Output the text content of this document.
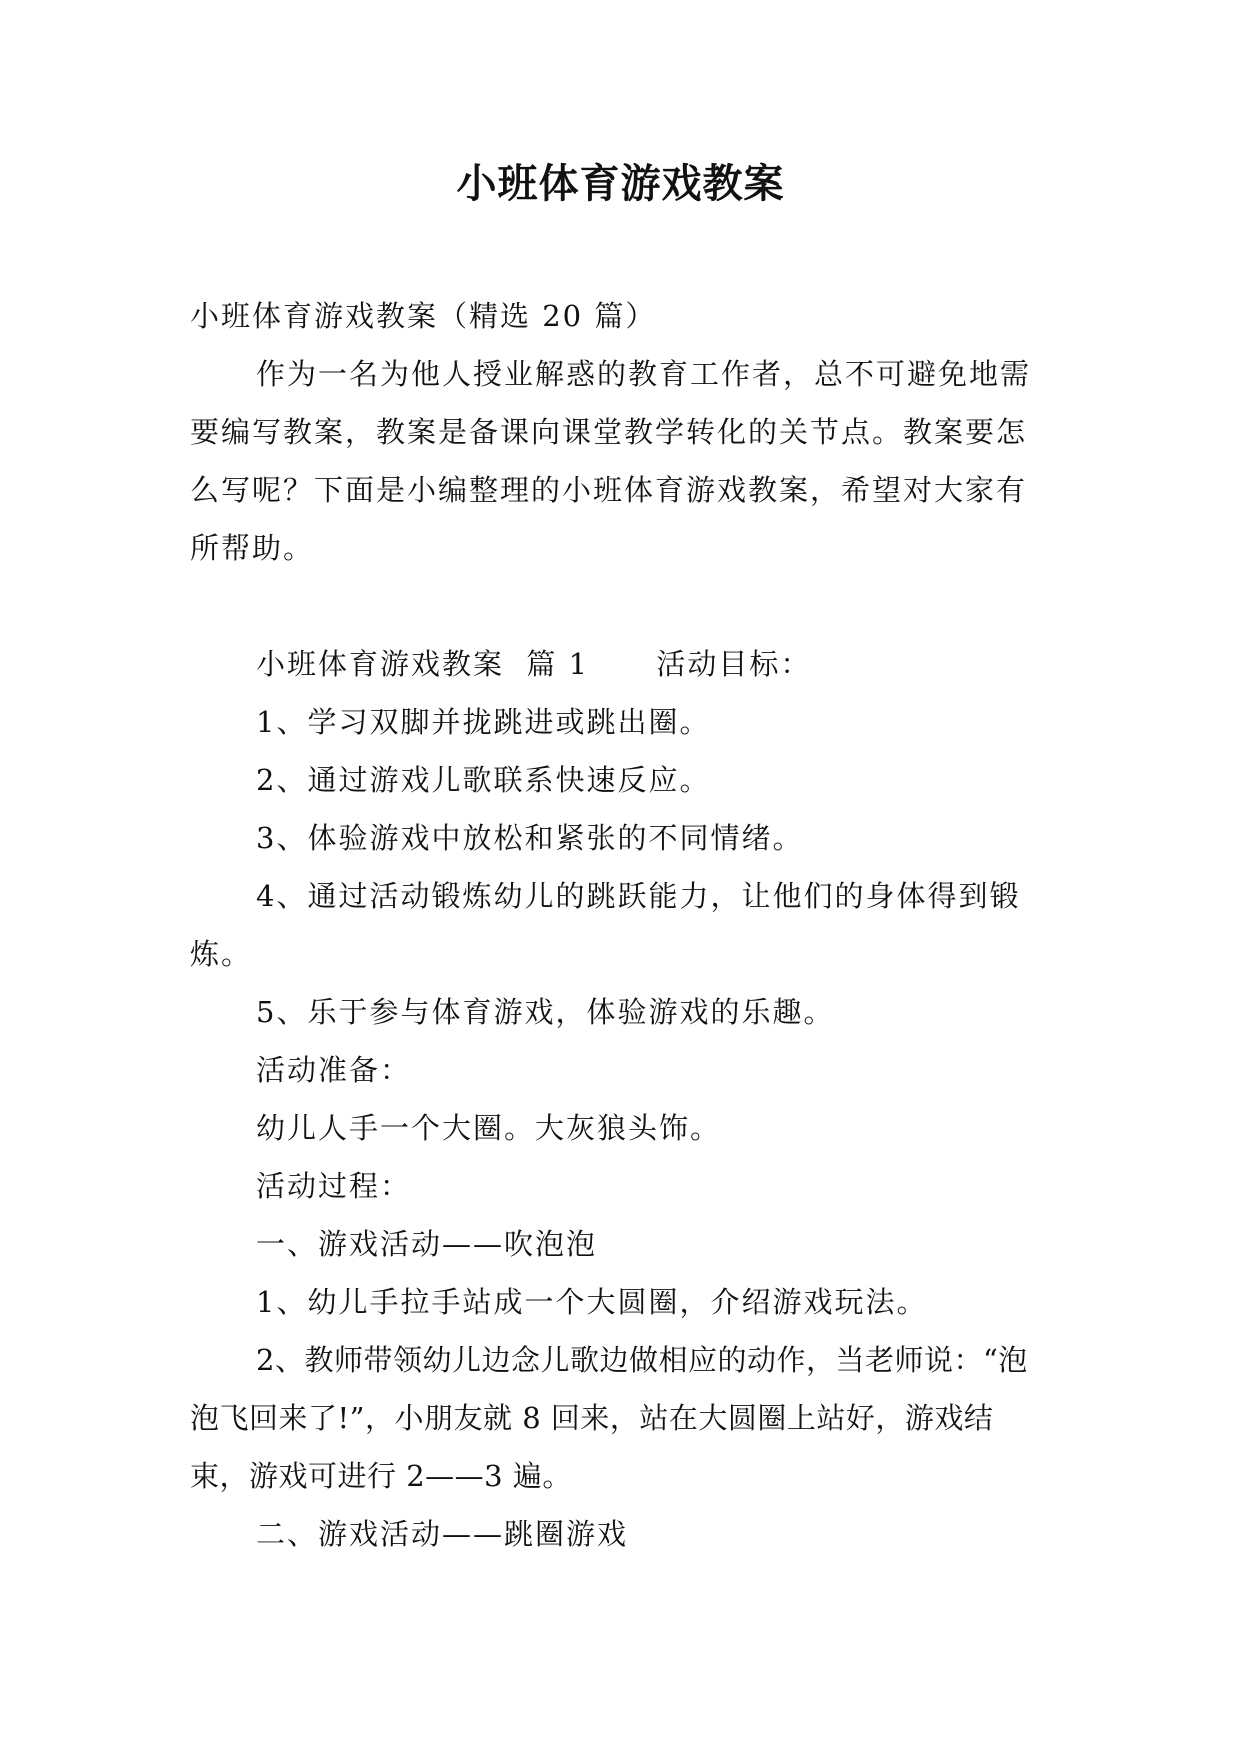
小班体育游戏教案

小班体育游戏教案（精选 20 篇）

作为一名为他人授业解惑的教育工作者，总不可避免地需要编写教案，教案是备课向课堂教学转化的关节点。教案要怎么写呢？下面是小编整理的小班体育游戏教案，希望对大家有所帮助。

小班体育游戏教案  篇 1      活动目标：

1、学习双脚并拢跳进或跳出圈。

2、通过游戏儿歌联系快速反应。

3、体验游戏中放松和紧张的不同情绪。

4、通过活动锻炼幼儿的跳跃能力，让他们的身体得到锻炼。

5、乐于参与体育游戏，体验游戏的乐趣。

活动准备：

幼儿人手一个大圈。大灰狼头饰。

活动过程：

一、游戏活动——吹泡泡

1、幼儿手拉手站成一个大圆圈，介绍游戏玩法。

2、教师带领幼儿边念儿歌边做相应的动作，当老师说：“泡泡飞回来了!”，小朋友就 8 回来，站在大圆圈上站好，游戏结束，游戏可进行 2——3 遍。

二、游戏活动——跳圈游戏
